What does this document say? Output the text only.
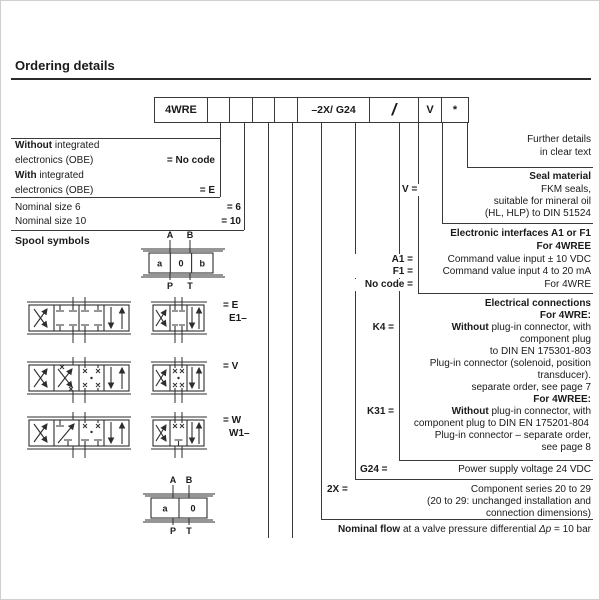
Ordering details
4WRE	–2X/ G24	/	V	*
Without integrated
electronics (OBE)	= No code
With integrated
electronics (OBE)	= E
Nominal size 6	= 6
Nominal size 10	= 10
Spool symbols	A B
a 0 b
P T
= E
E1–
= V
= W
W1–
A B
a	0
P T
Further details
in clear text
Seal material
V =	FKM seals,
suitable for mineral oil
(HL, HLP) to DIN 51524
Electronic interfaces A1 or F1
For 4WREE
A1 =	Command value input ± 10 VDC
F1 =	Command value input 4 to 20 mA
No code =	For 4WRE
Electrical connections
For 4WRE:
K4 =	Without plug-in connector, with
component plug
to DIN EN 175301-803
Plug-in connector (solenoid, position
transducer).
separate order, see page 7
For 4WREE:
K31 =	Without plug-in connector, with
component plug to DIN EN 175201-804
Plug-in connector – separate order,
see page 8
G24 =	Power supply voltage 24 VDC
2X =	Component series 20 to 29
(20 to 29: unchanged installation and
connection dimensions)
Nominal flow at a valve pressure differential Δp = 10 bar
